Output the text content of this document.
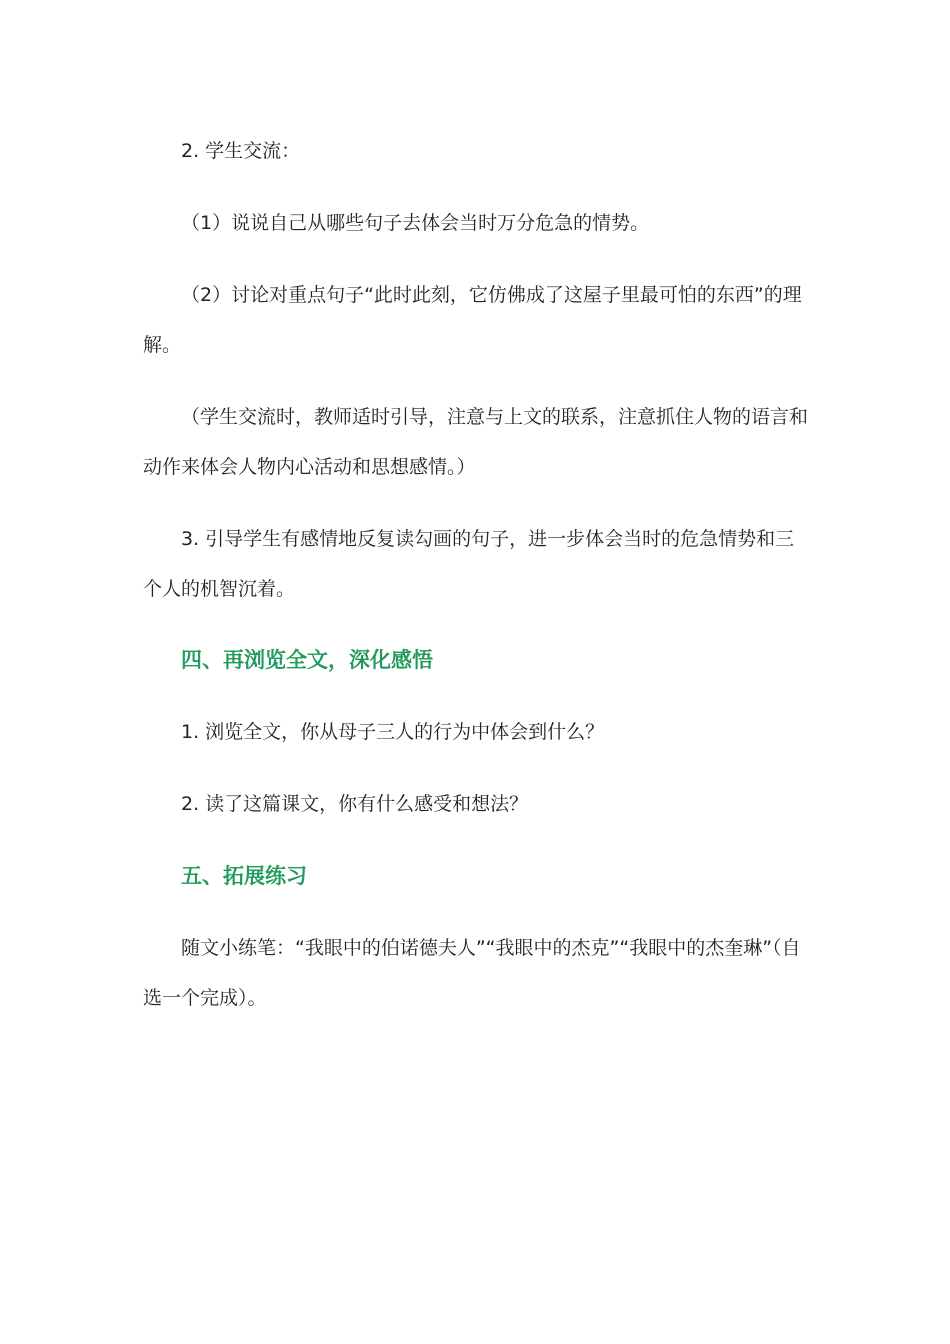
2. 学生交流：

（1）说说自己从哪些句子去体会当时万分危急的情势。

（2）讨论对重点句子“此时此刻，它仿佛成了这屋子里最可怕的东西”的理解。

（学生交流时，教师适时引导，注意与上文的联系，注意抓住人物的语言和动作来体会人物内心活动和思想感情。）

3. 引导学生有感情地反复读勾画的句子，进一步体会当时的危急情势和三个人的机智沉着。

四、再浏览全文，深化感悟

1. 浏览全文，你从母子三人的行为中体会到什么？

2. 读了这篇课文，你有什么感受和想法？

五、拓展练习

随文小练笔：“我眼中的伯诺德夫人”“我眼中的杰克”“我眼中的杰奎琳”（自选一个完成）。
